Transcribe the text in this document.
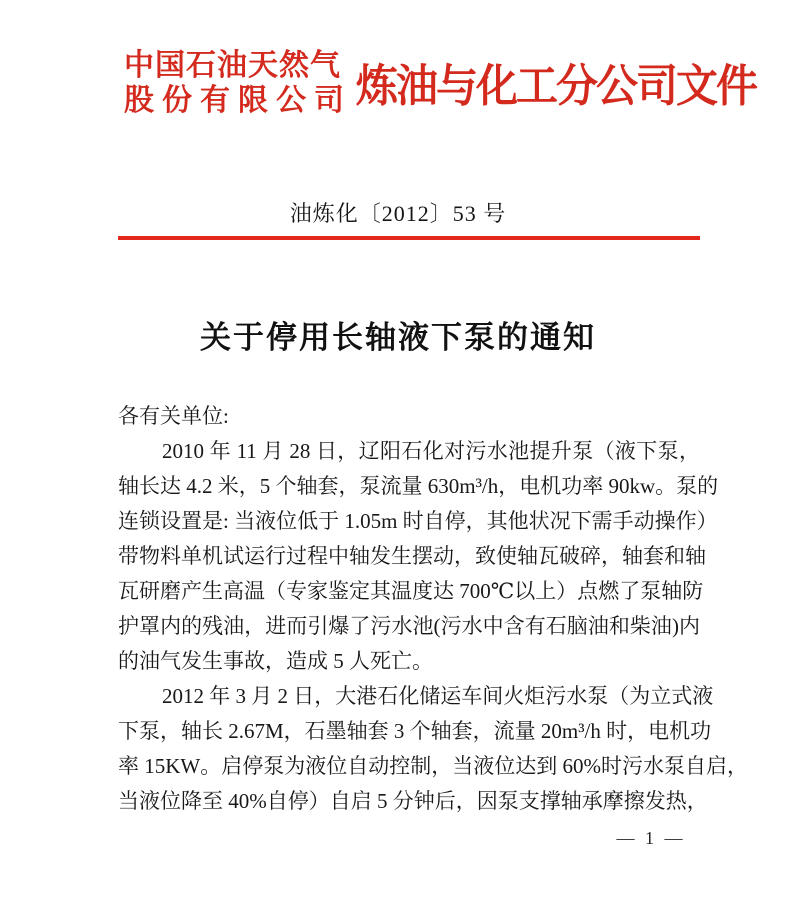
中国石油天然气
股份有限公司 炼油与化工分公司文件
油炼化〔2012〕53 号
关于停用长轴液下泵的通知
各有关单位:
2010 年 11 月 28 日，辽阳石化对污水池提升泵（液下泵，
轴长达 4.2 米，5 个轴套，泵流量 630m³/h，电机功率 90kw。泵的
连锁设置是: 当液位低于 1.05m 时自停，其他状况下需手动操作）
带物料单机试运行过程中轴发生摆动，致使轴瓦破碎，轴套和轴
瓦研磨产生高温（专家鉴定其温度达 700℃以上）点燃了泵轴防
护罩内的残油，进而引爆了污水池(污水中含有石脑油和柴油)内
的油气发生事故，造成 5 人死亡。
2012 年 3 月 2 日，大港石化储运车间火炬污水泵（为立式液
下泵，轴长 2.67M，石墨轴套 3 个轴套，流量 20m³/h 时，电机功
率 15KW。启停泵为液位自动控制，当液位达到 60%时污水泵自启，
当液位降至 40%自停）自启 5 分钟后，因泵支撑轴承摩擦发热，
— 1 —
